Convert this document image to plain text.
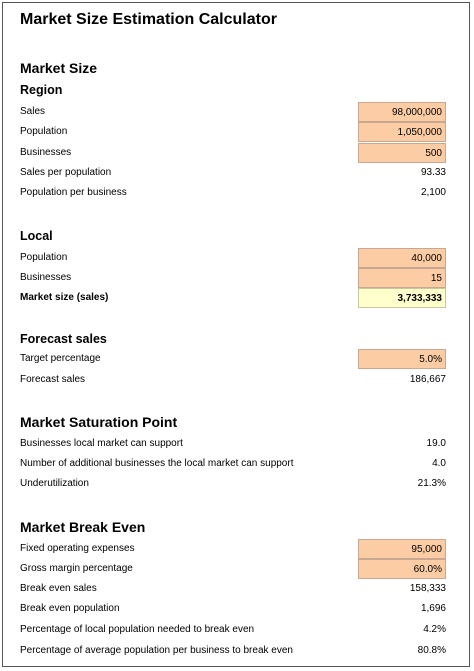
Market Size Estimation Calculator
Market Size
Region
Sales	98,000,000
Population	1,050,000
Businesses	500
Sales per population	93.33
Population per business	2,100
Local
Population	40,000
Businesses	15
Market size (sales)	3,733,333
Forecast sales
Target percentage	5.0%
Forecast sales	186,667
Market Saturation Point
Businesses local market can support	19.0
Number of additional businesses the local market can support	4.0
Underutilization	21.3%
Market Break Even
Fixed operating expenses	95,000
Gross margin percentage	60.0%
Break even sales	158,333
Break even population	1,696
Percentage of local population needed to break even	4.2%
Percentage of average population per business to break even	80.8%
